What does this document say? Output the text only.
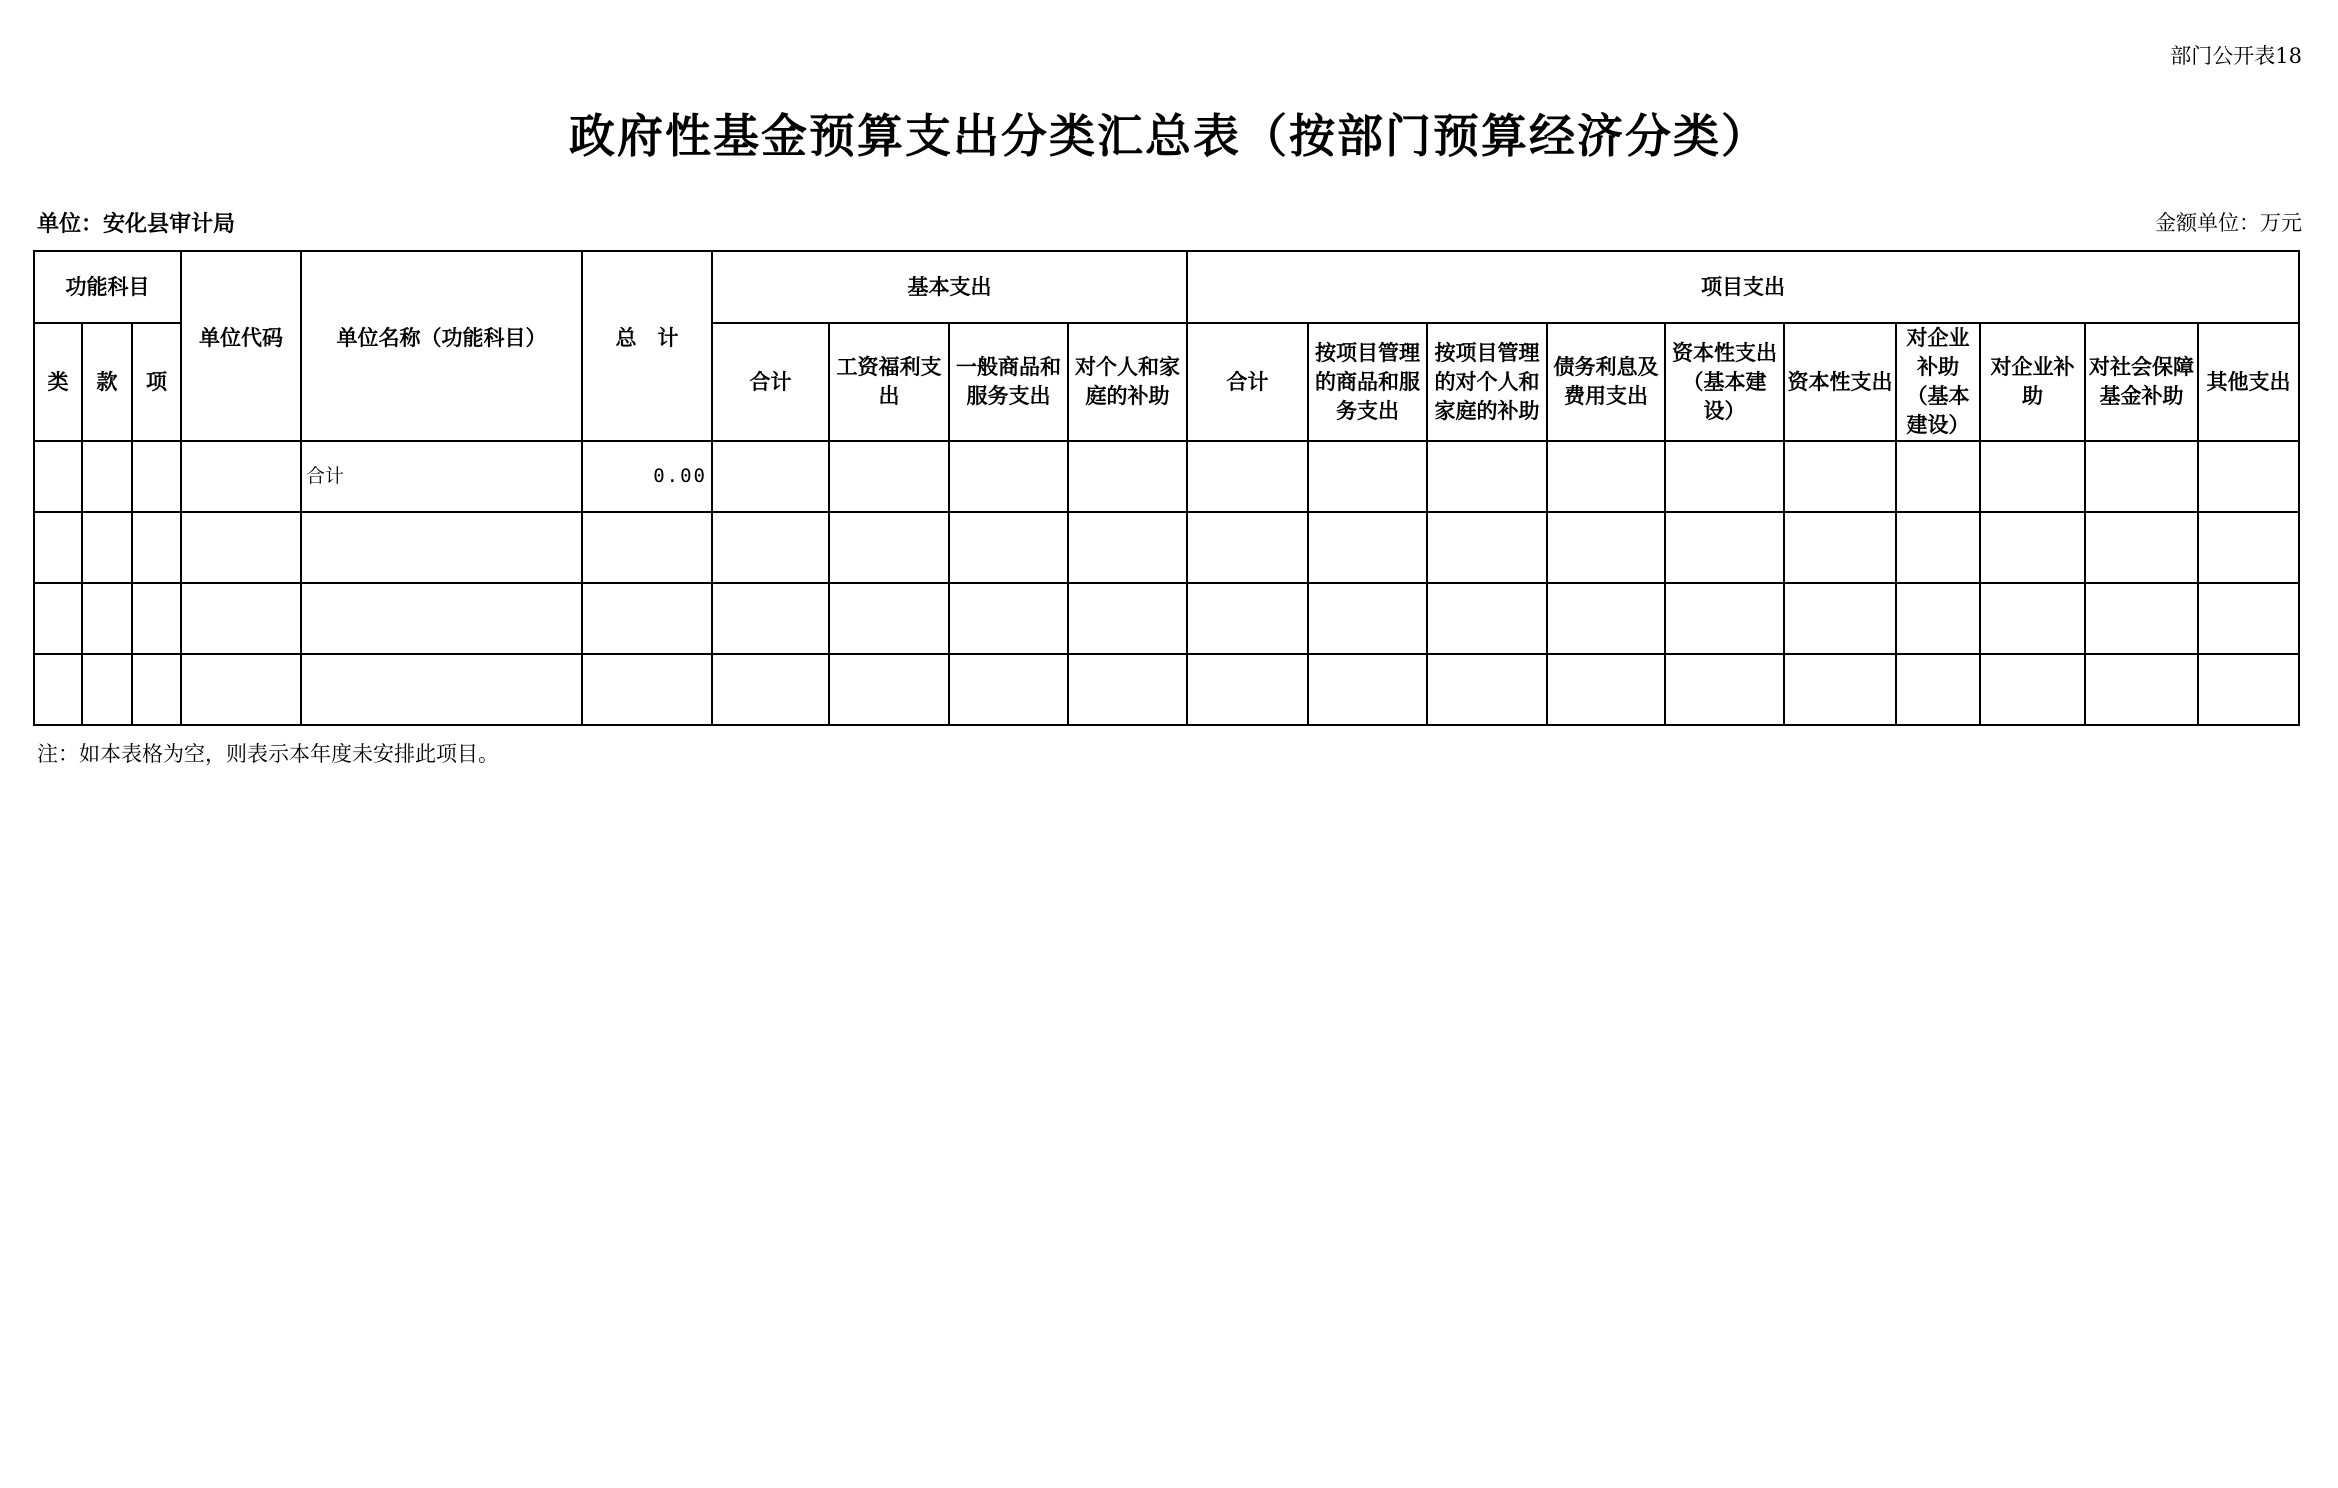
部门公开表18
政府性基金预算支出分类汇总表（按部门预算经济分类）
单位：安化县审计局	金额单位：万元
功能科目			单位代码	单位名称（功能科目）	总　计	基本支出				项目支出									
类	款	项				合计	工资福利支出	一般商品和服务支出	对个人和家庭的补助	合计	按项目管理的商品和服务支出	按项目管理的对个人和家庭的补助	债务利息及费用支出	资本性支出（基本建设）	资本性支出	对企业补助（基本建设）	对企业补助	对社会保障基金补助	其他支出
				合计	0.00														

注：如本表格为空，则表示本年度未安排此项目。
